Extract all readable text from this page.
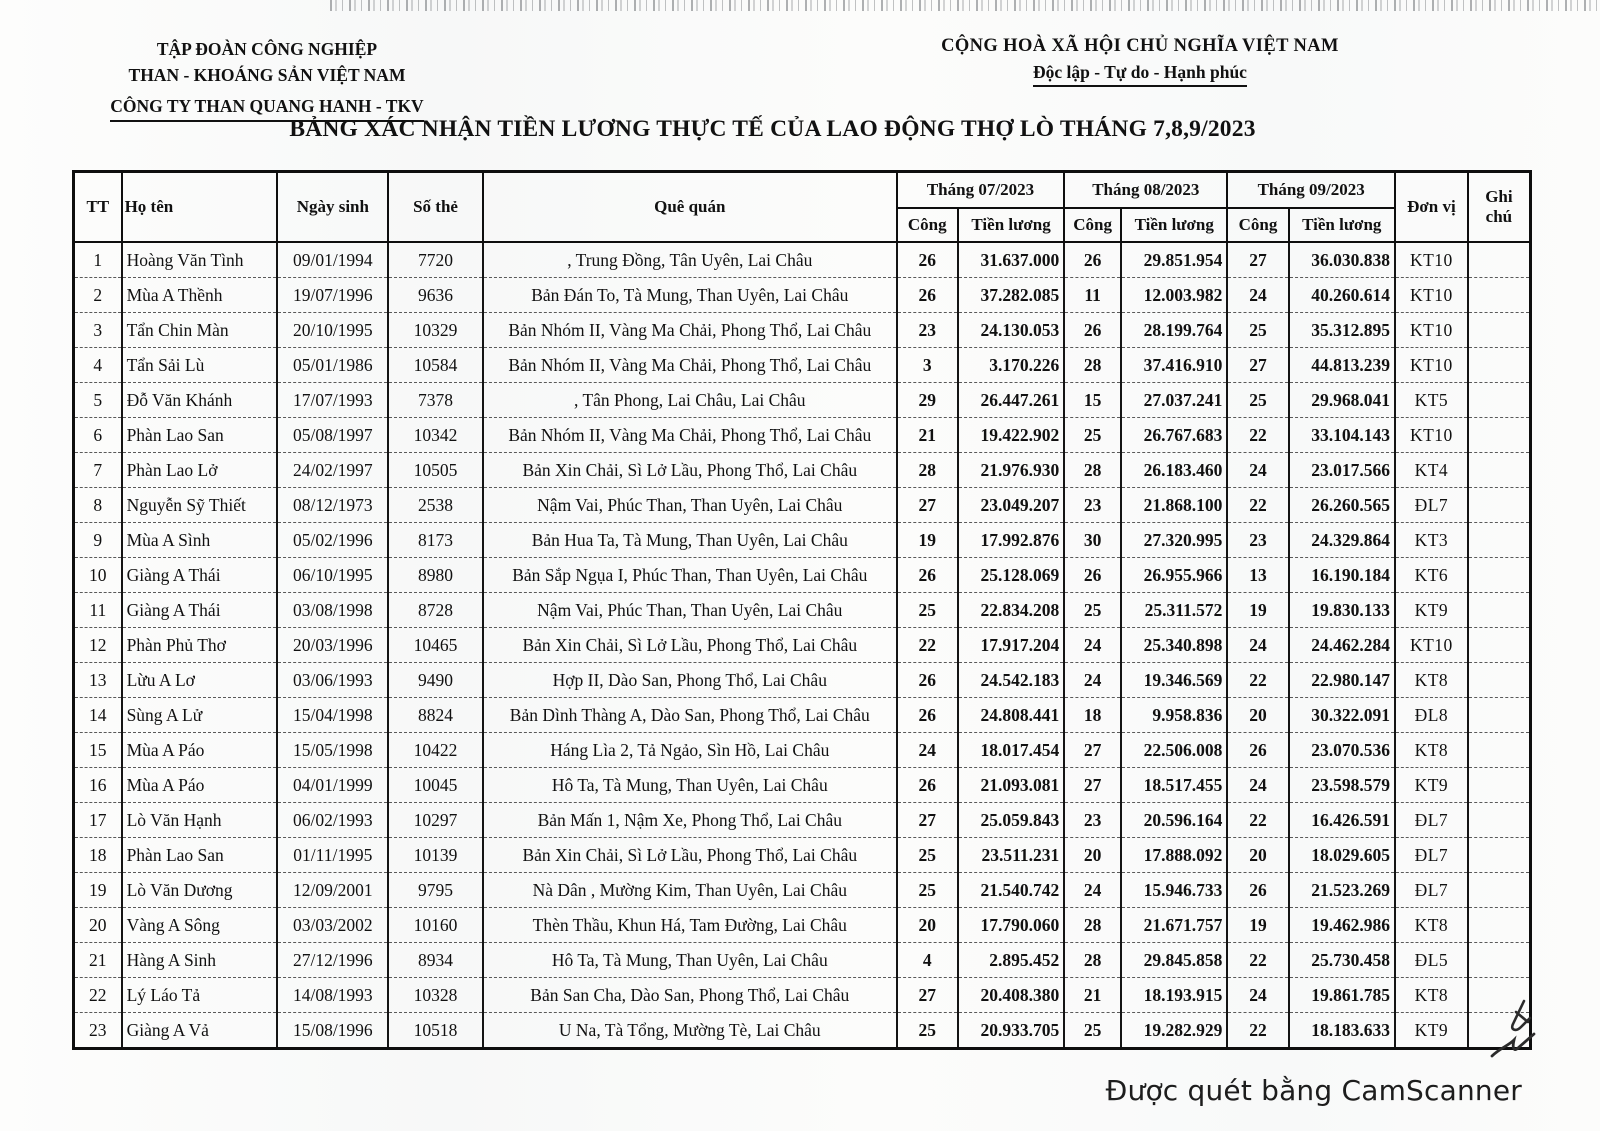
TẬP ĐOÀN CÔNG NGHIỆP
THAN - KHOÁNG SẢN VIỆT NAM
CÔNG TY THAN QUANG HANH - TKV
CỘNG HOÀ XÃ HỘI CHỦ NGHĨA VIỆT NAM
Độc lập - Tự do - Hạnh phúc
BẢNG XÁC NHẬN TIỀN LƯƠNG THỰC TẾ CỦA LAO ĐỘNG THỢ LÒ THÁNG 7,8,9/2023
TT	Họ tên	Ngày sinh	Số thẻ	Quê quán	Tháng 07/2023		Tháng 08/2023		Tháng 09/2023		Đơn vị	Ghi chú
					Công	Tiền lương	Công	Tiền lương	Công	Tiền lương		
1	Hoàng Văn Tình	09/01/1994	7720	, Trung Đồng, Tân Uyên, Lai Châu	26	31.637.000	26	29.851.954	27	36.030.838	KT10	
2	Mùa A Thềnh	19/07/1996	9636	Bản Đán To, Tà Mung, Than Uyên, Lai Châu	26	37.282.085	11	12.003.982	24	40.260.614	KT10	
3	Tẩn Chin Màn	20/10/1995	10329	Bản Nhóm II, Vàng Ma Chải, Phong Thổ, Lai Châu	23	24.130.053	26	28.199.764	25	35.312.895	KT10	
4	Tẩn Sải Lù	05/01/1986	10584	Bản Nhóm II, Vàng Ma Chải, Phong Thổ, Lai Châu	3	3.170.226	28	37.416.910	27	44.813.239	KT10	
5	Đỗ Văn Khánh	17/07/1993	7378	, Tân Phong, Lai Châu, Lai Châu	29	26.447.261	15	27.037.241	25	29.968.041	KT5	
6	Phàn Lao San	05/08/1997	10342	Bản Nhóm II, Vàng Ma Chải, Phong Thổ, Lai Châu	21	19.422.902	25	26.767.683	22	33.104.143	KT10	
7	Phàn Lao Lở	24/02/1997	10505	Bản Xin Chải, Sì Lở Lầu, Phong Thổ, Lai Châu	28	21.976.930	28	26.183.460	24	23.017.566	KT4	
8	Nguyễn Sỹ Thiết	08/12/1973	2538	Nậm Vai, Phúc Than, Than Uyên, Lai Châu	27	23.049.207	23	21.868.100	22	26.260.565	ĐL7	
9	Mùa A Sình	05/02/1996	8173	Bản Hua Ta, Tà Mung, Than Uyên, Lai Châu	19	17.992.876	30	27.320.995	23	24.329.864	KT3	
10	Giàng A Thái	06/10/1995	8980	Bản Sắp Ngụa I, Phúc Than, Than Uyên, Lai Châu	26	25.128.069	26	26.955.966	13	16.190.184	KT6	
11	Giàng A Thái	03/08/1998	8728	Nậm Vai, Phúc Than, Than Uyên, Lai Châu	25	22.834.208	25	25.311.572	19	19.830.133	KT9	
12	Phàn Phủ Thơ	20/03/1996	10465	Bản Xin Chải, Sì Lở Lầu, Phong Thổ, Lai Châu	22	17.917.204	24	25.340.898	24	24.462.284	KT10	
13	Lừu A Lơ	03/06/1993	9490	Hợp II, Dào San, Phong Thổ, Lai Châu	26	24.542.183	24	19.346.569	22	22.980.147	KT8	
14	Sùng A Lử	15/04/1998	8824	Bản Dình Thàng A, Dào San, Phong Thổ, Lai Châu	26	24.808.441	18	9.958.836	20	30.322.091	ĐL8	
15	Mùa A Páo	15/05/1998	10422	Háng Lìa 2, Tả Ngảo, Sìn Hồ, Lai Châu	24	18.017.454	27	22.506.008	26	23.070.536	KT8	
16	Mùa A Páo	04/01/1999	10045	Hô Ta, Tà Mung, Than Uyên, Lai Châu	26	21.093.081	27	18.517.455	24	23.598.579	KT9	
17	Lò Văn Hạnh	06/02/1993	10297	Bản Mấn 1, Nậm Xe, Phong Thổ, Lai Châu	27	25.059.843	23	20.596.164	22	16.426.591	ĐL7	
18	Phàn Lao San	01/11/1995	10139	Bản Xin Chải, Sì Lở Lầu, Phong Thổ, Lai Châu	25	23.511.231	20	17.888.092	20	18.029.605	ĐL7	
19	Lò Văn Dương	12/09/2001	9795	Nà Dân , Mường Kim, Than Uyên, Lai Châu	25	21.540.742	24	15.946.733	26	21.523.269	ĐL7	
20	Vàng A Sông	03/03/2002	10160	Thèn Thầu, Khun Há, Tam Đường, Lai Châu	20	17.790.060	28	21.671.757	19	19.462.986	KT8	
21	Hàng A Sinh	27/12/1996	8934	Hô Ta, Tà Mung, Than Uyên, Lai Châu	4	2.895.452	28	29.845.858	22	25.730.458	ĐL5	
22	Lý Láo Tả	14/08/1993	10328	Bản San Cha, Dào San, Phong Thổ, Lai Châu	27	20.408.380	21	18.193.915	24	19.861.785	KT8	
23	Giàng A Vả	15/08/1996	10518	U Na, Tà Tổng, Mường Tè, Lai Châu	25	20.933.705	25	19.282.929	22	18.183.633	KT9	
Được quét bằng CamScanner
